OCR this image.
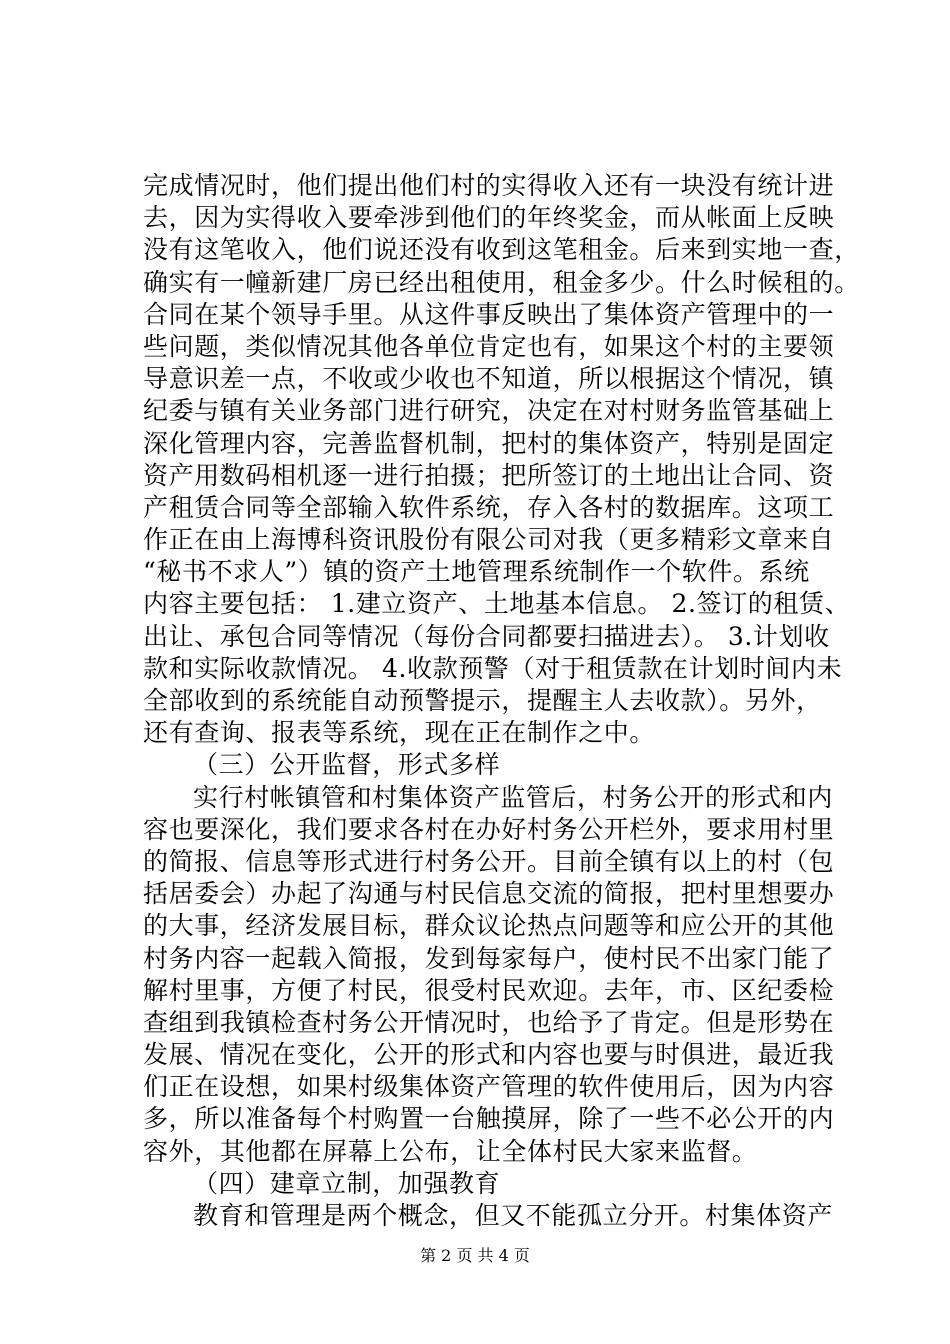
完成情况时，他们提出他们村的实得收入还有一块没有统计进
去，因为实得收入要牵涉到他们的年终奖金，而从帐面上反映
没有这笔收入，他们说还没有收到这笔租金。后来到实地一查，
确实有一幢新建厂房已经出租使用，租金多少。什么时候租的。
合同在某个领导手里。从这件事反映出了集体资产管理中的一
些问题，类似情况其他各单位肯定也有，如果这个村的主要领
导意识差一点，不收或少收也不知道，所以根据这个情况，镇
纪委与镇有关业务部门进行研究，决定在对村财务监管基础上
深化管理内容，完善监督机制，把村的集体资产，特别是固定
资产用数码相机逐一进行拍摄；把所签订的土地出让合同、资
产租赁合同等全部输入软件系统，存入各村的数据库。这项工
作正在由上海博科资讯股份有限公司对我（更多精彩文章来自
“秘书不求人”）镇的资产土地管理系统制作一个软件。系统
内容主要包括： 1.建立资产、土地基本信息。 2.签订的租赁、
出让、承包合同等情况（每份合同都要扫描进去）。 3.计划收
款和实际收款情况。 4.收款预警（对于租赁款在计划时间内未
全部收到的系统能自动预警提示，提醒主人去收款）。另外，
还有查询、报表等系统，现在正在制作之中。
（三）公开监督，形式多样
实行村帐镇管和村集体资产监管后，村务公开的形式和内
容也要深化，我们要求各村在办好村务公开栏外，要求用村里
的简报、信息等形式进行村务公开。目前全镇有以上的村（包
括居委会）办起了沟通与村民信息交流的简报，把村里想要办
的大事，经济发展目标，群众议论热点问题等和应公开的其他
村务内容一起载入简报，发到每家每户，使村民不出家门能了
解村里事，方便了村民，很受村民欢迎。去年，市、区纪委检
查组到我镇检查村务公开情况时，也给予了肯定。但是形势在
发展、情况在变化，公开的形式和内容也要与时俱进，最近我
们正在设想，如果村级集体资产管理的软件使用后，因为内容
多，所以准备每个村购置一台触摸屏，除了一些不必公开的内
容外，其他都在屏幕上公布，让全体村民大家来监督。
（四）建章立制，加强教育
教育和管理是两个概念，但又不能孤立分开。村集体资产
第 2 页 共 4 页
